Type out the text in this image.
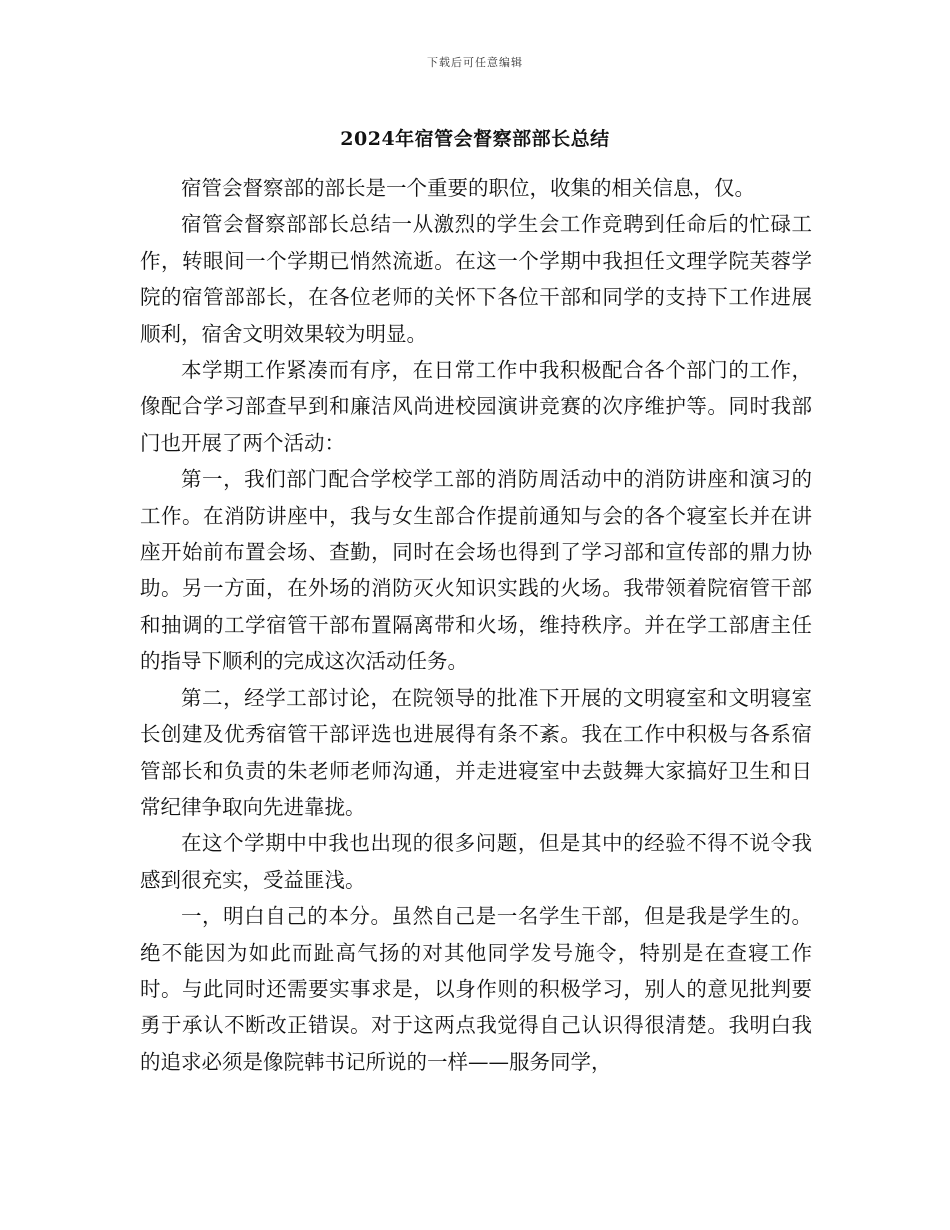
下载后可任意编辑
2024年宿管会督察部部长总结

宿管会督察部的部长是一个重要的职位，收集的相关信息，仅。

宿管会督察部部长总结一从激烈的学生会工作竞聘到任命后的忙碌工作，转眼间一个学期已悄然流逝。在这一个学期中我担任文理学院芙蓉学院的宿管部部长，在各位老师的关怀下各位干部和同学的支持下工作进展顺利，宿舍文明效果较为明显。

本学期工作紧凑而有序，在日常工作中我积极配合各个部门的工作，像配合学习部查早到和廉洁风尚进校园演讲竞赛的次序维护等。同时我部门也开展了两个活动：

第一，我们部门配合学校学工部的消防周活动中的消防讲座和演习的工作。在消防讲座中，我与女生部合作提前通知与会的各个寝室长并在讲座开始前布置会场、查勤，同时在会场也得到了学习部和宣传部的鼎力协助。另一方面，在外场的消防灭火知识实践的火场。我带领着院宿管干部和抽调的工学宿管干部布置隔离带和火场，维持秩序。并在学工部唐主任的指导下顺利的完成这次活动任务。

第二，经学工部讨论，在院领导的批准下开展的文明寝室和文明寝室长创建及优秀宿管干部评选也进展得有条不紊。我在工作中积极与各系宿管部长和负责的朱老师老师沟通，并走进寝室中去鼓舞大家搞好卫生和日常纪律争取向先进靠拢。

在这个学期中中我也出现的很多问题，但是其中的经验不得不说令我感到很充实，受益匪浅。

一，明白自己的本分。虽然自己是一名学生干部，但是我是学生的。绝不能因为如此而趾高气扬的对其他同学发号施令，特别是在查寝工作时。与此同时还需要实事求是，以身作则的积极学习，别人的意见批判要勇于承认不断改正错误。对于这两点我觉得自己认识得很清楚。我明白我的追求必须是像院韩书记所说的一样——服务同学，
